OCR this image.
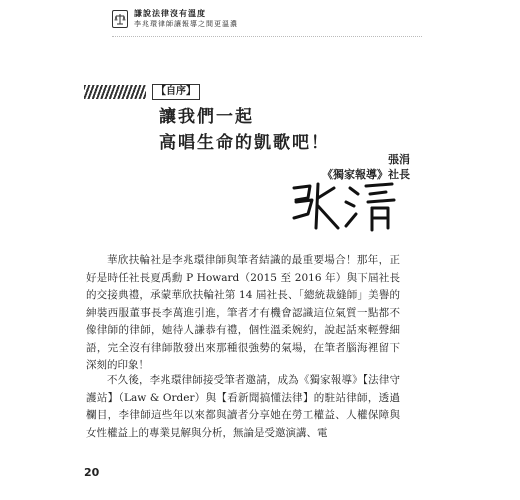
謙說法律沒有溫度
李兆環律師讓報導之間更溫濃
【自序】
讓我們一起
高唱生命的凱歌吧！
張涓
《獨家報導》社長

華欣扶輪社是李兆環律師與筆者結識的最重要場合！那年，正好是時任社長夏禹勳 P Howard（2015 至 2016 年）與下屆社長的交接典禮，承蒙華欣扶輪社第 14 屆社長、「總統裁縫師」美譽的紳裝西服董事長李萬進引進，筆者才有機會認識這位氣質一點都不像律師的律師，她待人謙恭有禮，個性溫柔婉約，說起話來輕聲細語，完全沒有律師散發出來那種很強勢的氣場，在筆者腦海裡留下深刻的印象！

不久後，李兆環律師接受筆者邀請，成為《獨家報導》【法律守護站】（Law & Order）與【看新聞搞懂法律】的駐站律師，透過欄目，李律師這些年以來都與讀者分享她在勞工權益、人權保障與女性權益上的專業見解與分析，無論是受邀演講、電

20
